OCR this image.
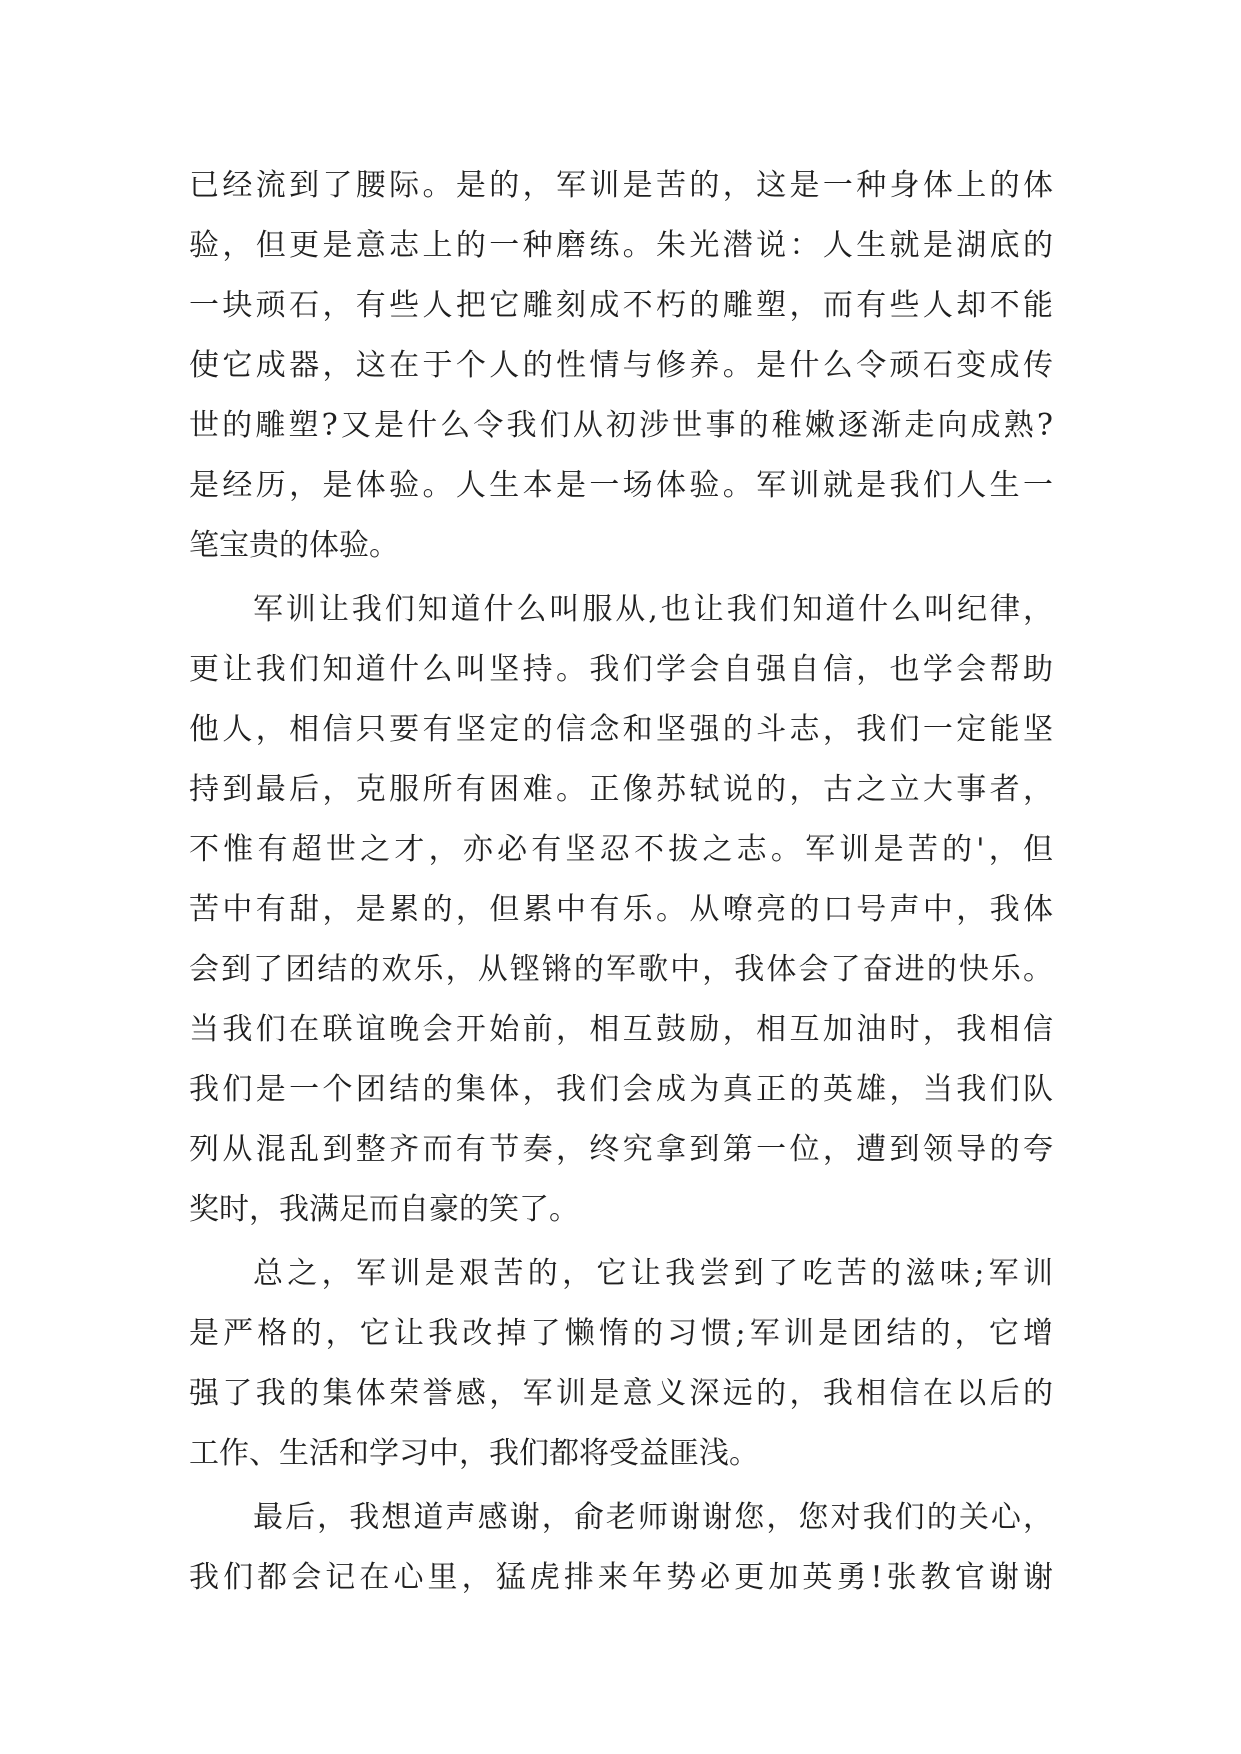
已经流到了腰际。是的，军训是苦的，这是一种身体上的体
验，但更是意志上的一种磨练。朱光潜说：人生就是湖底的
一块顽石，有些人把它雕刻成不朽的雕塑，而有些人却不能
使它成器，这在于个人的性情与修养。是什么令顽石变成传
世的雕塑?又是什么令我们从初涉世事的稚嫩逐渐走向成熟?
是经历，是体验。人生本是一场体验。军训就是我们人生一
笔宝贵的体验。
军训让我们知道什么叫服从,也让我们知道什么叫纪律，
更让我们知道什么叫坚持。我们学会自强自信，也学会帮助
他人，相信只要有坚定的信念和坚强的斗志，我们一定能坚
持到最后，克服所有困难。正像苏轼说的，古之立大事者，
不惟有超世之才，亦必有坚忍不拔之志。军训是苦的'，但
苦中有甜，是累的，但累中有乐。从嘹亮的口号声中，我体
会到了团结的欢乐，从铿锵的军歌中，我体会了奋进的快乐。
当我们在联谊晚会开始前，相互鼓励，相互加油时，我相信
我们是一个团结的集体，我们会成为真正的英雄，当我们队
列从混乱到整齐而有节奏，终究拿到第一位，遭到领导的夸
奖时，我满足而自豪的笑了。
总之，军训是艰苦的，它让我尝到了吃苦的滋味;军训
是严格的，它让我改掉了懒惰的习惯;军训是团结的，它增
强了我的集体荣誉感，军训是意义深远的，我相信在以后的
工作、生活和学习中，我们都将受益匪浅。
最后，我想道声感谢，俞老师谢谢您，您对我们的关心，
我们都会记在心里，猛虎排来年势必更加英勇!张教官谢谢
